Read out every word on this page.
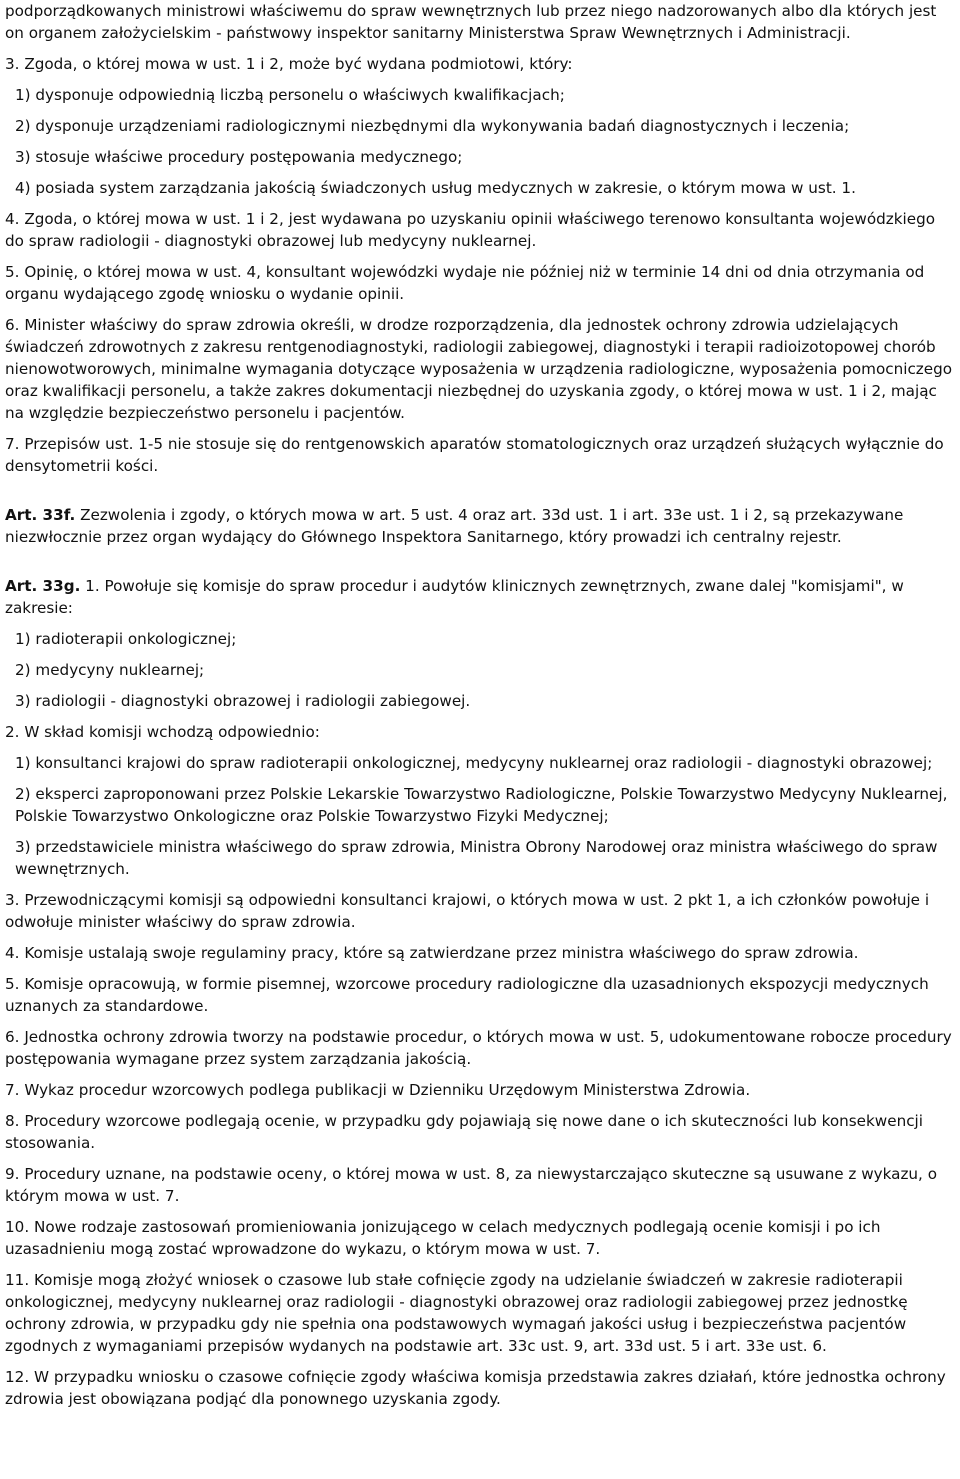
podporządkowanych ministrowi właściwemu do spraw wewnętrznych lub przez niego nadzorowanych albo dla których jest on organem założycielskim - państwowy inspektor sanitarny Ministerstwa Spraw Wewnętrznych i Administracji.

3. Zgoda, o której mowa w ust. 1 i 2, może być wydana podmiotowi, który:

1) dysponuje odpowiednią liczbą personelu o właściwych kwalifikacjach;

2) dysponuje urządzeniami radiologicznymi niezbędnymi dla wykonywania badań diagnostycznych i leczenia;

3) stosuje właściwe procedury postępowania medycznego;

4) posiada system zarządzania jakością świadczonych usług medycznych w zakresie, o którym mowa w ust. 1.

4. Zgoda, o której mowa w ust. 1 i 2, jest wydawana po uzyskaniu opinii właściwego terenowo konsultanta wojewódzkiego do spraw radiologii - diagnostyki obrazowej lub medycyny nuklearnej.

5. Opinię, o której mowa w ust. 4, konsultant wojewódzki wydaje nie później niż w terminie 14 dni od dnia otrzymania od organu wydającego zgodę wniosku o wydanie opinii.

6. Minister właściwy do spraw zdrowia określi, w drodze rozporządzenia, dla jednostek ochrony zdrowia udzielających świadczeń zdrowotnych z zakresu rentgenodiagnostyki, radiologii zabiegowej, diagnostyki i terapii radioizotopowej chorób nienowotworowych, minimalne wymagania dotyczące wyposażenia w urządzenia radiologiczne, wyposażenia pomocniczego oraz kwalifikacji personelu, a także zakres dokumentacji niezbędnej do uzyskania zgody, o której mowa w ust. 1 i 2, mając na względzie bezpieczeństwo personelu i pacjentów.

7. Przepisów ust. 1-5 nie stosuje się do rentgenowskich aparatów stomatologicznych oraz urządzeń służących wyłącznie do densytometrii kości.

Art. 33f. Zezwolenia i zgody, o których mowa w art. 5 ust. 4 oraz art. 33d ust. 1 i art. 33e ust. 1 i 2, są przekazywane niezwłocznie przez organ wydający do Głównego Inspektora Sanitarnego, który prowadzi ich centralny rejestr.

Art. 33g. 1. Powołuje się komisje do spraw procedur i audytów klinicznych zewnętrznych, zwane dalej "komisjami", w zakresie:

1) radioterapii onkologicznej;

2) medycyny nuklearnej;

3) radiologii - diagnostyki obrazowej i radiologii zabiegowej.

2. W skład komisji wchodzą odpowiednio:

1) konsultanci krajowi do spraw radioterapii onkologicznej, medycyny nuklearnej oraz radiologii - diagnostyki obrazowej;

2) eksperci zaproponowani przez Polskie Lekarskie Towarzystwo Radiologiczne, Polskie Towarzystwo Medycyny Nuklearnej, Polskie Towarzystwo Onkologiczne oraz Polskie Towarzystwo Fizyki Medycznej;

3) przedstawiciele ministra właściwego do spraw zdrowia, Ministra Obrony Narodowej oraz ministra właściwego do spraw wewnętrznych.

3. Przewodniczącymi komisji są odpowiedni konsultanci krajowi, o których mowa w ust. 2 pkt 1, a ich członków powołuje i odwołuje minister właściwy do spraw zdrowia.

4. Komisje ustalają swoje regulaminy pracy, które są zatwierdzane przez ministra właściwego do spraw zdrowia.

5. Komisje opracowują, w formie pisemnej, wzorcowe procedury radiologiczne dla uzasadnionych ekspozycji medycznych uznanych za standardowe.

6. Jednostka ochrony zdrowia tworzy na podstawie procedur, o których mowa w ust. 5, udokumentowane robocze procedury postępowania wymagane przez system zarządzania jakością.

7. Wykaz procedur wzorcowych podlega publikacji w Dzienniku Urzędowym Ministerstwa Zdrowia.

8. Procedury wzorcowe podlegają ocenie, w przypadku gdy pojawiają się nowe dane o ich skuteczności lub konsekwencji stosowania.

9. Procedury uznane, na podstawie oceny, o której mowa w ust. 8, za niewystarczająco skuteczne są usuwane z wykazu, o którym mowa w ust. 7.

10. Nowe rodzaje zastosowań promieniowania jonizującego w celach medycznych podlegają ocenie komisji i po ich uzasadnieniu mogą zostać wprowadzone do wykazu, o którym mowa w ust. 7.

11. Komisje mogą złożyć wniosek o czasowe lub stałe cofnięcie zgody na udzielanie świadczeń w zakresie radioterapii onkologicznej, medycyny nuklearnej oraz radiologii - diagnostyki obrazowej oraz radiologii zabiegowej przez jednostkę ochrony zdrowia, w przypadku gdy nie spełnia ona podstawowych wymagań jakości usług i bezpieczeństwa pacjentów zgodnych z wymaganiami przepisów wydanych na podstawie art. 33c ust. 9, art. 33d ust. 5 i art. 33e ust. 6.

12. W przypadku wniosku o czasowe cofnięcie zgody właściwa komisja przedstawia zakres działań, które jednostka ochrony zdrowia jest obowiązana podjąć dla ponownego uzyskania zgody.
